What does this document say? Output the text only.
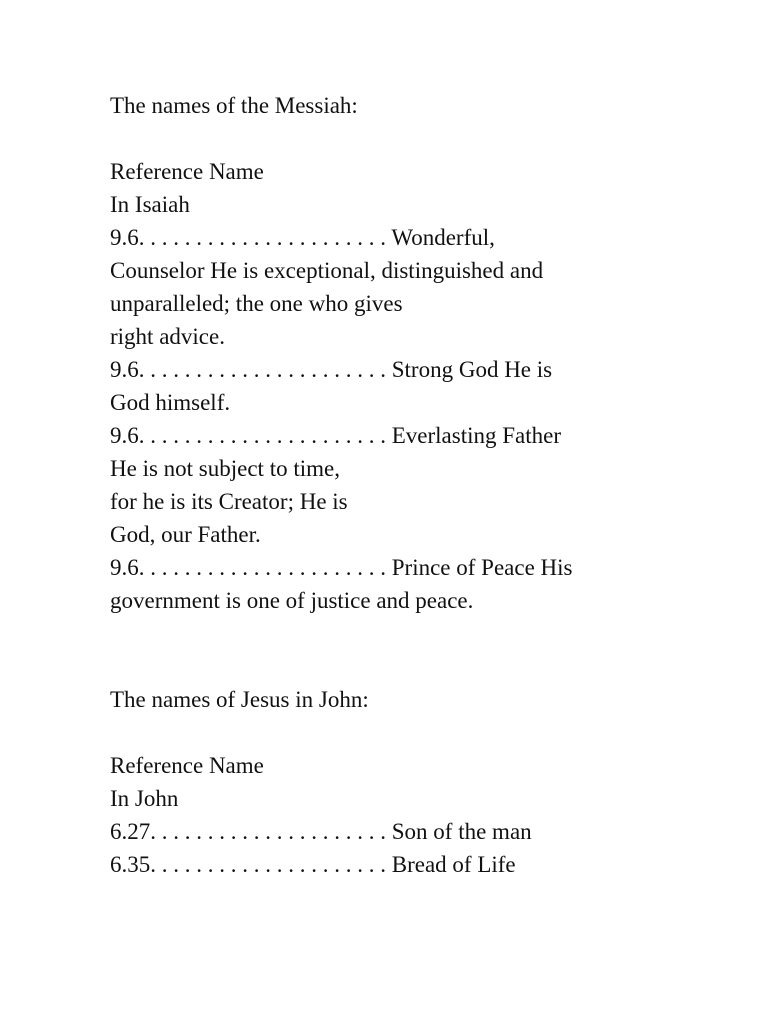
The names of the Messiah:
Reference Name
In Isaiah
9.6. . . . . . . . . . . . . . . . . . . . . . Wonderful,
Counselor He is exceptional, distinguished and
unparalleled; the one who gives
right advice.
9.6. . . . . . . . . . . . . . . . . . . . . . Strong God He is
God himself.
9.6. . . . . . . . . . . . . . . . . . . . . . Everlasting Father
He is not subject to time,
for he is its Creator; He is
God, our Father.
9.6. . . . . . . . . . . . . . . . . . . . . . Prince of Peace His
government is one of justice and peace.
The names of Jesus in John:
Reference Name
In John
6.27. . . . . . . . . . . . . . . . . . . . . Son of the man
6.35. . . . . . . . . . . . . . . . . . . . . Bread of Life
